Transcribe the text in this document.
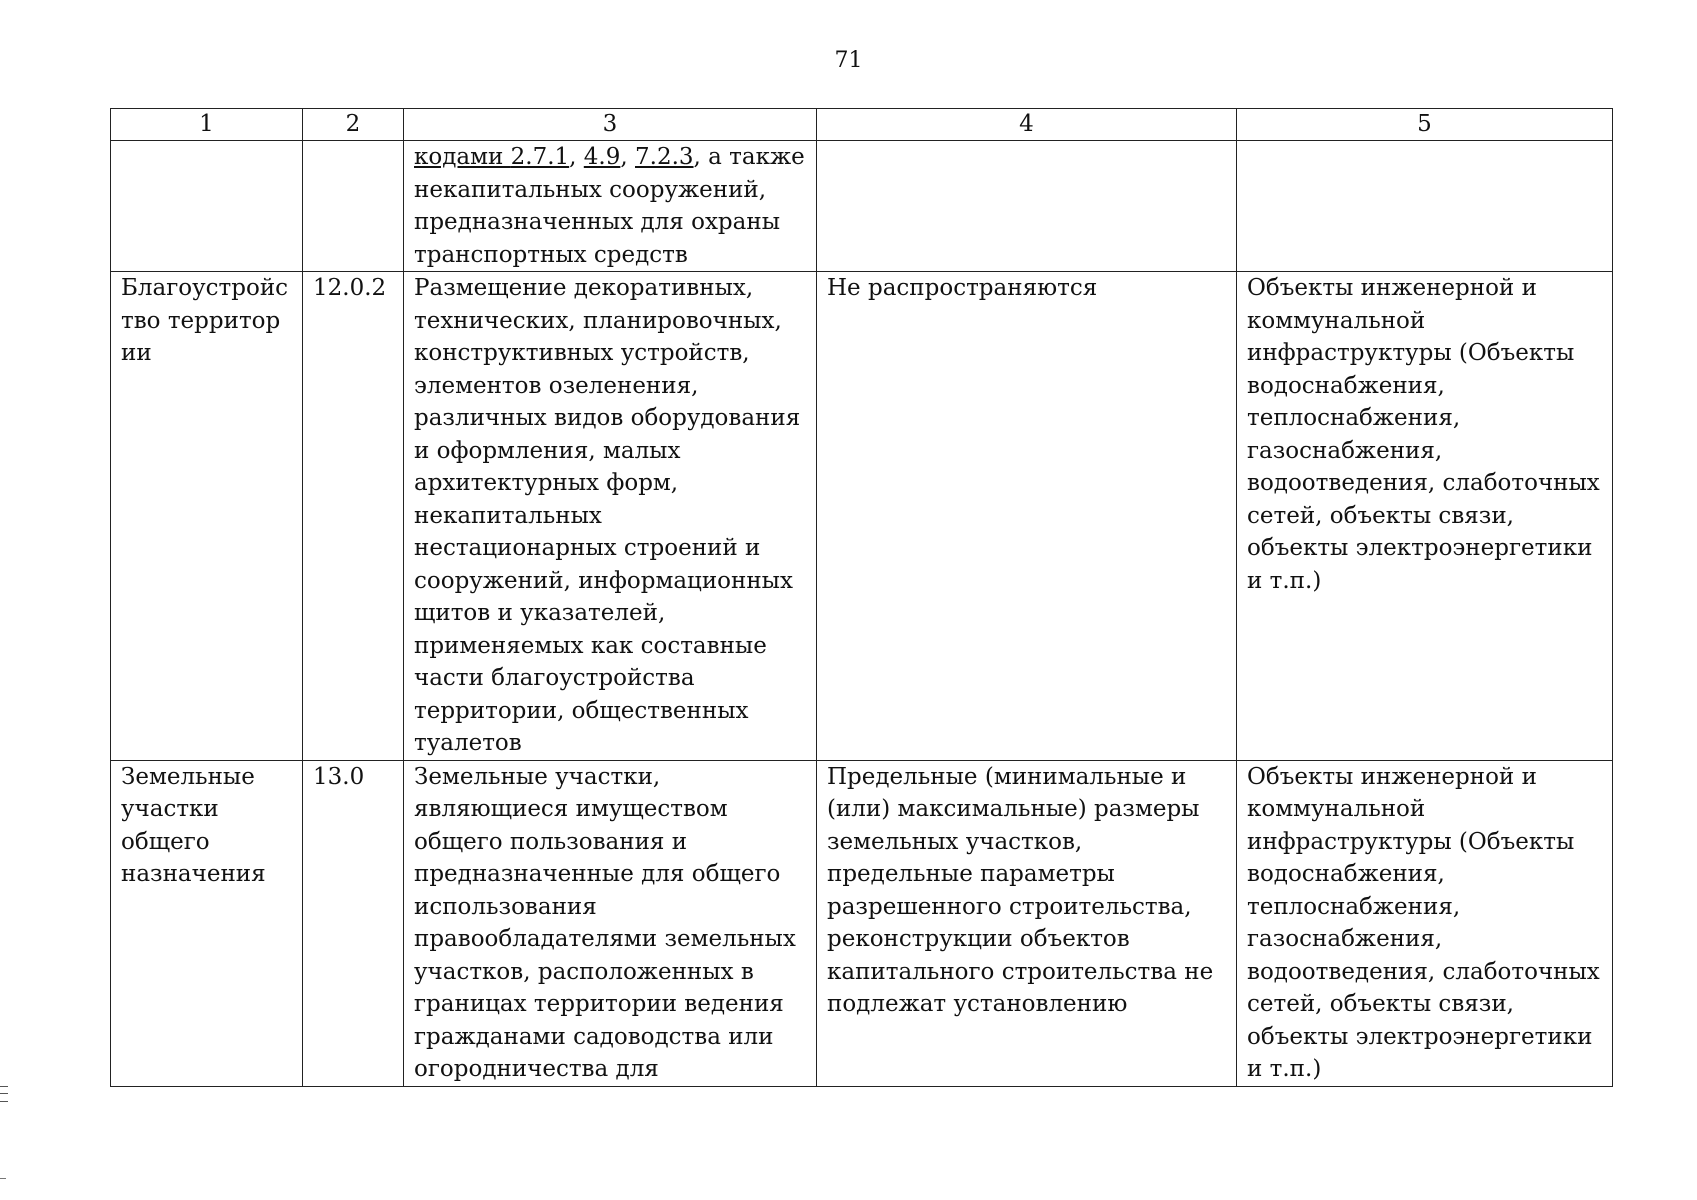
71
1	2	3	4	5
		кодами 2.7.1, 4.9, 7.2.3, а также некапитальных сооружений, предназначенных для охраны транспортных средств		
Благоустройство территории	12.0.2	Размещение декоративных, технических, планировочных, конструктивных устройств, элементов озеленения, различных видов оборудования и оформления, малых архитектурных форм, некапитальных нестационарных строений и сооружений, информационных щитов и указателей, применяемых как составные части благоустройства территории, общественных туалетов	Не распространяются	Объекты инженерной и коммунальной инфраструктуры (Объекты водоснабжения, теплоснабжения, газоснабжения, водоотведения, слаботочных сетей, объекты связи, объекты электроэнергетики и т.п.)
Земельные участки общего назначения	13.0	Земельные участки, являющиеся имуществом общего пользования и предназначенные для общего использования правообладателями земельных участков, расположенных в границах территории ведения гражданами садоводства или огородничества для	Предельные (минимальные и (или) максимальные) размеры земельных участков, предельные параметры разрешенного строительства, реконструкции объектов капитального строительства не подлежат установлению	Объекты инженерной и коммунальной инфраструктуры (Объекты водоснабжения, теплоснабжения, газоснабжения, водоотведения, слаботочных сетей, объекты связи, объекты электроэнергетики и т.п.)
